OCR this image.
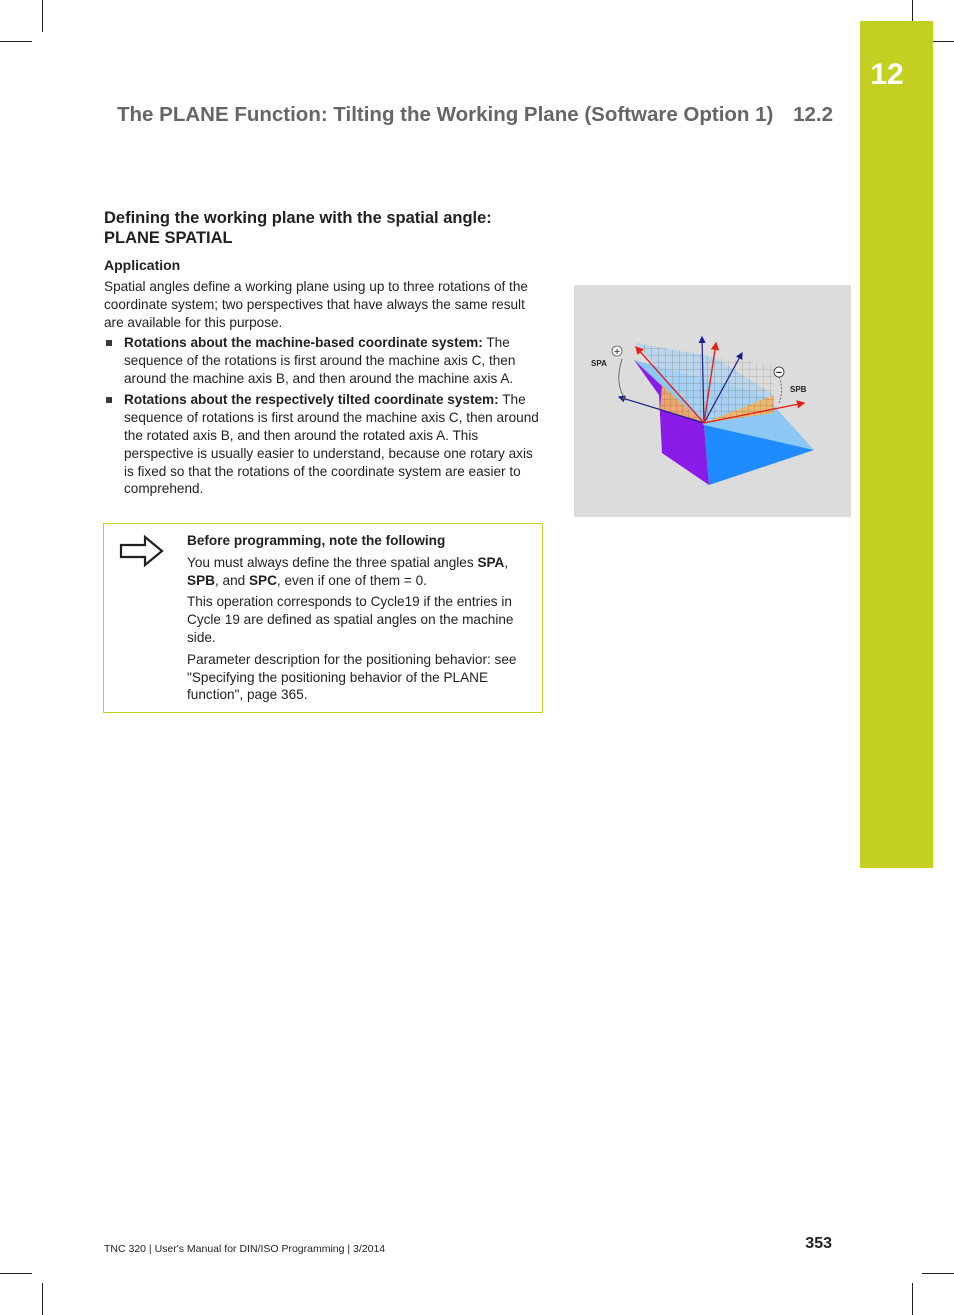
12
The PLANE Function: Tilting the Working Plane (Software Option 1) 12.2
Defining the working plane with the spatial angle:
PLANE SPATIAL
Application

Spatial angles define a working plane using up to three rotations of the coordinate system; two perspectives that have always the same result are available for this purpose.

Rotations about the machine-based coordinate system: The sequence of the rotations is first around the machine axis C, then around the machine axis B, and then around the machine axis A.
Rotations about the respectively tilted coordinate system: The sequence of rotations is first around the machine axis C, then around the rotated axis B, and then around the rotated axis A. This perspective is usually easier to understand, because one rotary axis is fixed so that the rotations of the coordinate system are easier to comprehend.

Before programming, note the following

You must always define the three spatial angles SPA,
SPB, and SPC, even if one of them = 0.

This operation corresponds to Cycle19 if the entries in Cycle 19 are defined as spatial angles on the machine side.

Parameter description for the positioning behavior: see "Specifying the positioning behavior of the PLANE function", page 365.

+
−
SPA
SPB
TNC 320 | User's Manual for DIN/ISO Programming | 3/2014	353
